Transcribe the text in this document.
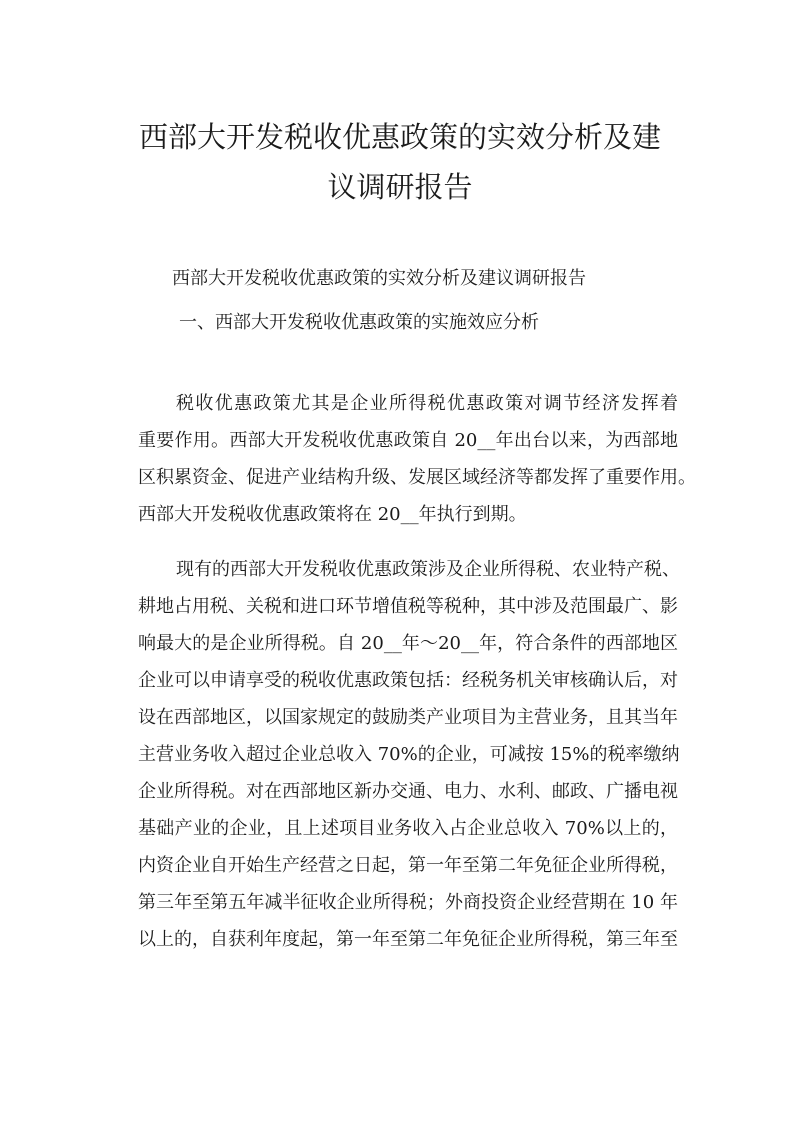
西部大开发税收优惠政策的实效分析及建
议调研报告

西部大开发税收优惠政策的实效分析及建议调研报告

一、西部大开发税收优惠政策的实施效应分析

税收优惠政策尤其是企业所得税优惠政策对调节经济发挥着
重要作用。西部大开发税收优惠政策自 20__年出台以来，为西部地
区积累资金、促进产业结构升级、发展区域经济等都发挥了重要作用。
西部大开发税收优惠政策将在 20__年执行到期。
现有的西部大开发税收优惠政策涉及企业所得税、农业特产税、
耕地占用税、关税和进口环节增值税等税种，其中涉及范围最广、影
响最大的是企业所得税。自 20__年～20__年，符合条件的西部地区
企业可以申请享受的税收优惠政策包括：经税务机关审核确认后，对
设在西部地区，以国家规定的鼓励类产业项目为主营业务，且其当年
主营业务收入超过企业总收入 70%的企业，可减按 15%的税率缴纳
企业所得税。对在西部地区新办交通、电力、水利、邮政、广播电视
基础产业的企业，且上述项目业务收入占企业总收入 70%以上的，
内资企业自开始生产经营之日起，第一年至第二年免征企业所得税，
第三年至第五年减半征收企业所得税；外商投资企业经营期在 10 年
以上的，自获利年度起，第一年至第二年免征企业所得税，第三年至
